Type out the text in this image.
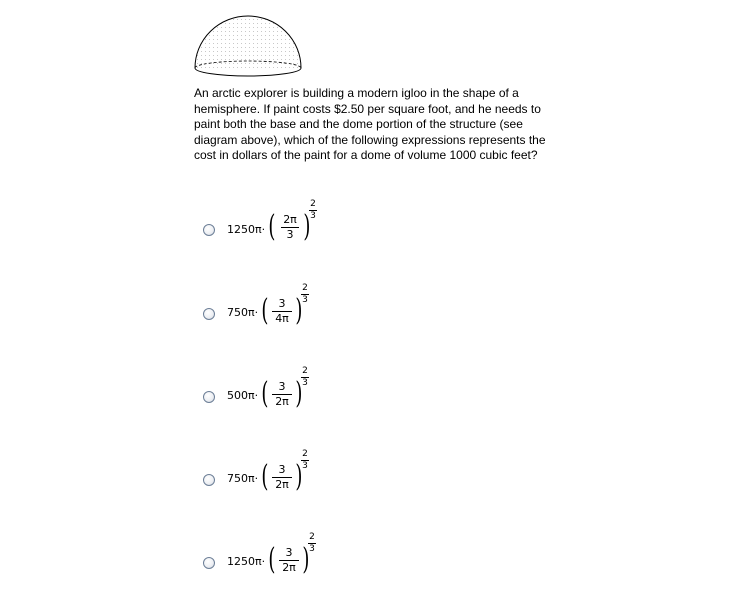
An arctic explorer is building a modern igloo in the shape of a hemisphere. If paint costs $2.50 per square foot, and he needs to paint both the base and the dome portion of the structure (see diagram above), which of the following expressions represents the cost in dollars of the paint for a dome of volume 1000 cubic feet?

1250π· ( 2π
3 )
2
3
750π· ( 3
4π )
2
3
500π· ( 3
2π )
2
3
750π· ( 3
2π )
2
3
1250π· ( 3
2π )
2
3
